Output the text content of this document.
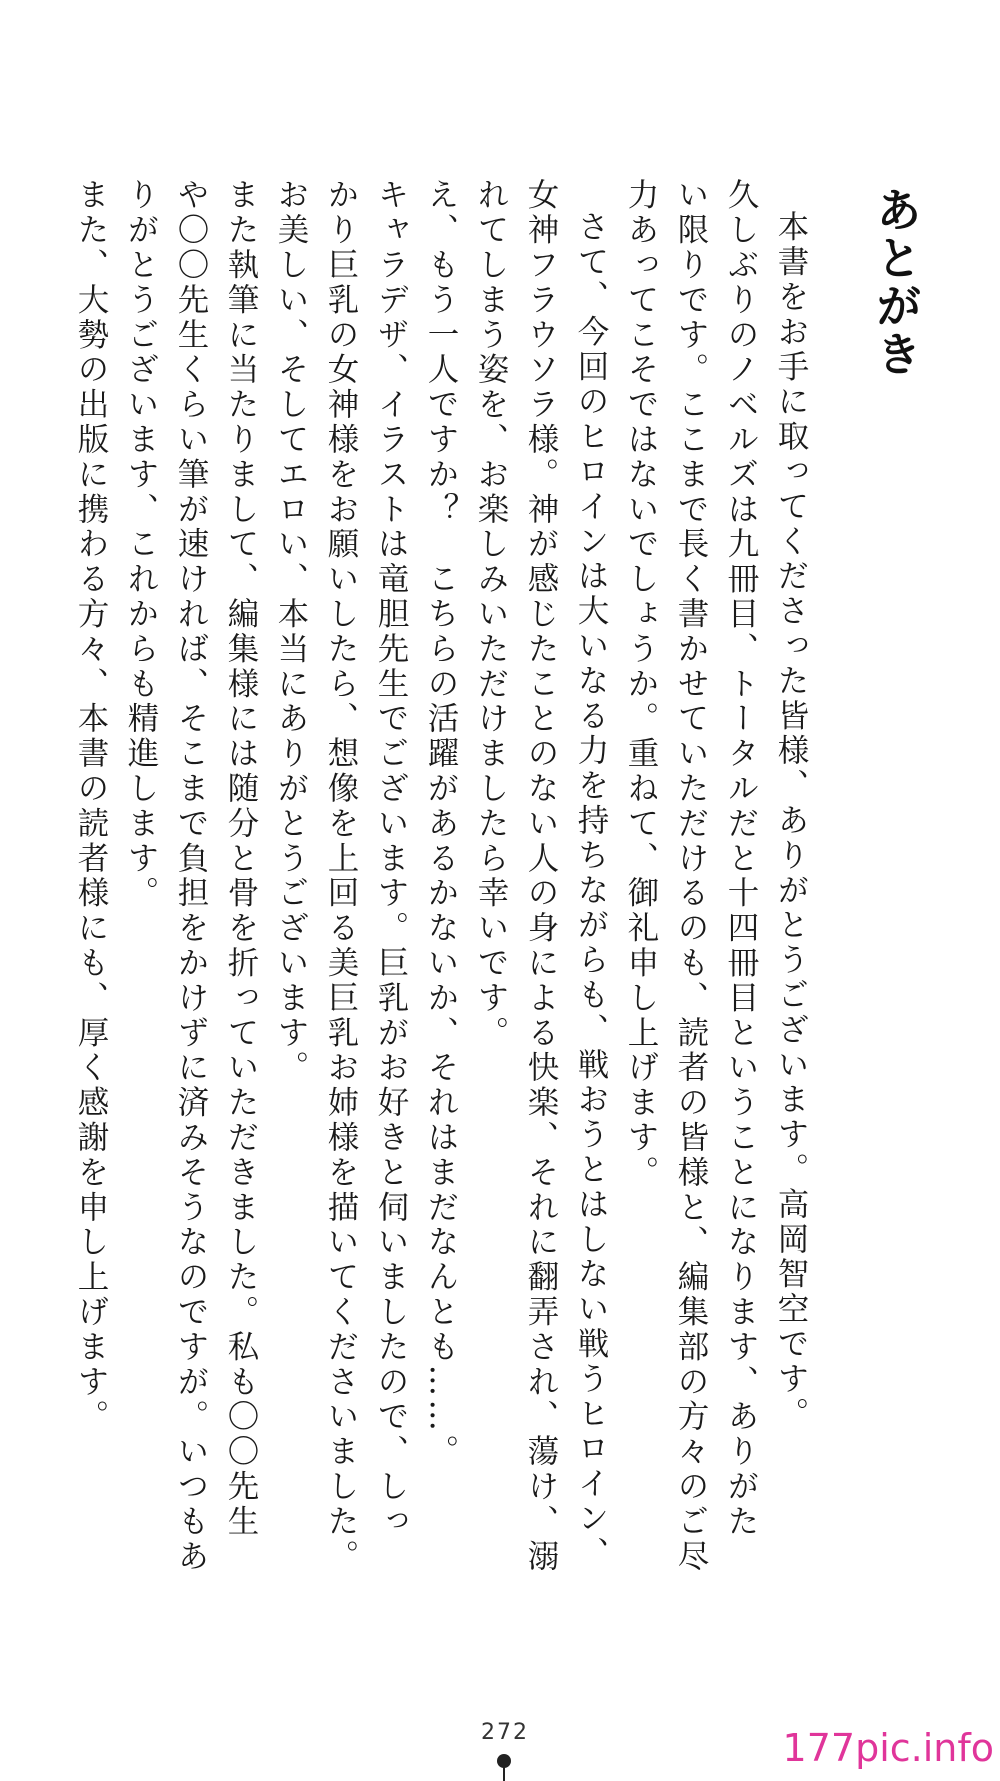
あとがき
本書をお手に取ってくださった皆様、ありがとうございます。高岡智空です。
久しぶりのノベルズは九冊目、トータルだと十四冊目ということになります、ありがた
い限りです。ここまで長く書かせていただけるのも、読者の皆様と、編集部の方々のご尽
力あってこそではないでしょうか。重ねて、御礼申し上げます。
さて、今回のヒロインは大いなる力を持ちながらも、戦おうとはしない戦うヒロイン、
女神フラウソラ様。神が感じたことのない人の身による快楽、それに翻弄され、蕩け、溺
れてしまう姿を、お楽しみいただけましたら幸いです。
え、もう一人ですか？　こちらの活躍があるかないか、それはまだなんとも……。
キャラデザ、イラストは竜胆先生でございます。巨乳がお好きと伺いましたので、しっ
かり巨乳の女神様をお願いしたら、想像を上回る美巨乳お姉様を描いてくださいました。
お美しい、そしてエロい、本当にありがとうございます。
また執筆に当たりまして、編集様には随分と骨を折っていただきました。私も〇〇先生
や〇〇先生くらい筆が速ければ、そこまで負担をかけずに済みそうなのですが。いつもあ
りがとうございます、これからも精進します。
また、大勢の出版に携わる方々、本書の読者様にも、厚く感謝を申し上げます。
272	177pic.info
